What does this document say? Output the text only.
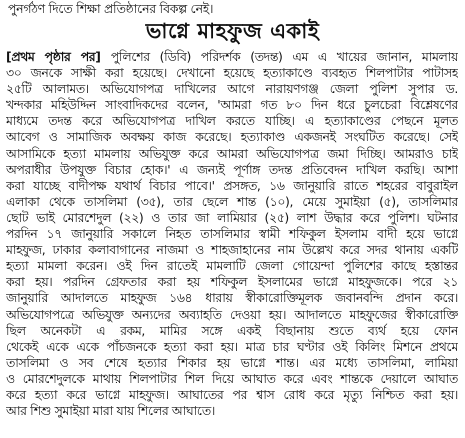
পুনর্গঠণ দিতে শিক্ষা প্রতিষ্ঠানের বিকল্প নেই।
ভাগ্নে মাহফুজ একাই
[প্রথম পৃষ্ঠার পর] পুলিশের (ডিবি) পরিদর্শক (তদন্ত) এম এ খায়ের জানান, মামলায়
৩০ জনকে সাক্ষী করা হয়েছে। দেখানো হয়েছে হত্যাকাণ্ডে ব্যবহৃত শিলপাটার পাটাসহ
২৫টি আলামত। অভিযোগপত্র দাখিলের আগে নারায়ণগঞ্জ জেলা পুলিশ সুপার ড.
খন্দকার মহিউদ্দিন সাংবাদিকদের বলেন, 'আমরা গত ৮০ দিন ধরে চুলচেরা বিশ্লেষণের
মাধ্যমে তদন্ত করে অভিযোগপত্র দাখিল করতে যাচ্ছি। এ হত্যাকাণ্ডের পেছনে মূলত
আবেগ ও সামাজিক অবক্ষয় কাজ করেছে। হত্যাকাণ্ড একজনই সংঘটিত করেছে। সেই
আসামিকে হত্যা মামলায় অভিযুক্ত করে আমরা অভিযোগপত্র জমা দিচ্ছি। আমরাও চাই
অপরাধীর উপযুক্ত বিচার হোক।' এ জন্যই পূর্ণাঙ্গ তদন্ত প্রতিবেদন দাখিল করছি। আশা
করা যাচ্ছে বাদীপক্ষ যথার্থ বিচার পাবে।' প্রসঙ্গত, ১৬ জানুয়ারি রাতে শহরের বাবুরাইল
এলাকা থেকে তাসলিমা (৩৫), তার ছেলে শান্ত (১০), মেয়ে সুমাইয়া (৫), তাসলিমার
ছোট ভাই মোরশেদুল (২২) ও তার জা লামিয়ার (২৫) লাশ উদ্ধার করে পুলিশ। ঘটনার
পরদিন ১৭ জানুয়ারি সকালে নিহত তাসলিমার স্বামী শফিকুল ইসলাম বাদী হয়ে ভাগ্নে
মাহফুজ, ঢাকার কলাবাগানের নাজমা ও শাহজাহানের নাম উল্লেখ করে সদর থানায় একটি
হত্যা মামলা করেন। ওই দিন রাতেই মামলাটি জেলা গোয়েন্দা পুলিশের কাছে হস্তান্তর
করা হয়। পরদিন গ্রেফতার করা হয় শফিকুল ইসলামের ভাগ্নে মাহফুজকে। পরে ২১
জানুয়ারি আদালতে মাহফুজ ১৬৪ ধারায় স্বীকারোক্তিমূলক জবানবন্দি প্রদান করে।
অভিযোগপত্রে অভিযুক্ত অন্যদের অব্যাহতি দেওয়া হয়। আদালতে মাহফুজের স্বীকারোক্তি
ছিল অনেকটা এ রকম, মামির সঙ্গে একই বিছানায় শুতে ব্যর্থ হয়ে ফোন
থেকেই একে একে পাঁচজনকে হত্যা করা হয়। মাত্র চার ঘণ্টার ওই কিলিং মিশনে প্রথমে
তাসলিমা ও সব শেষে হত্যার শিকার হয় ভাগ্নে শান্ত। এর মধ্যে তাসলিমা, লামিয়া
ও মোরশেদুলকে মাথায় শিলপাটার শিল দিয়ে আঘাত করে এবং শান্তকে দেয়ালে আঘাত
করে হত্যা করে ভাগ্নে মাহফুজ। আঘাতের পর শ্বাস রোধ করে মৃত্যু নিশ্চিত করা হয়।
আর শিশু সুমাইয়া মারা যায় শিলের আঘাতে।
